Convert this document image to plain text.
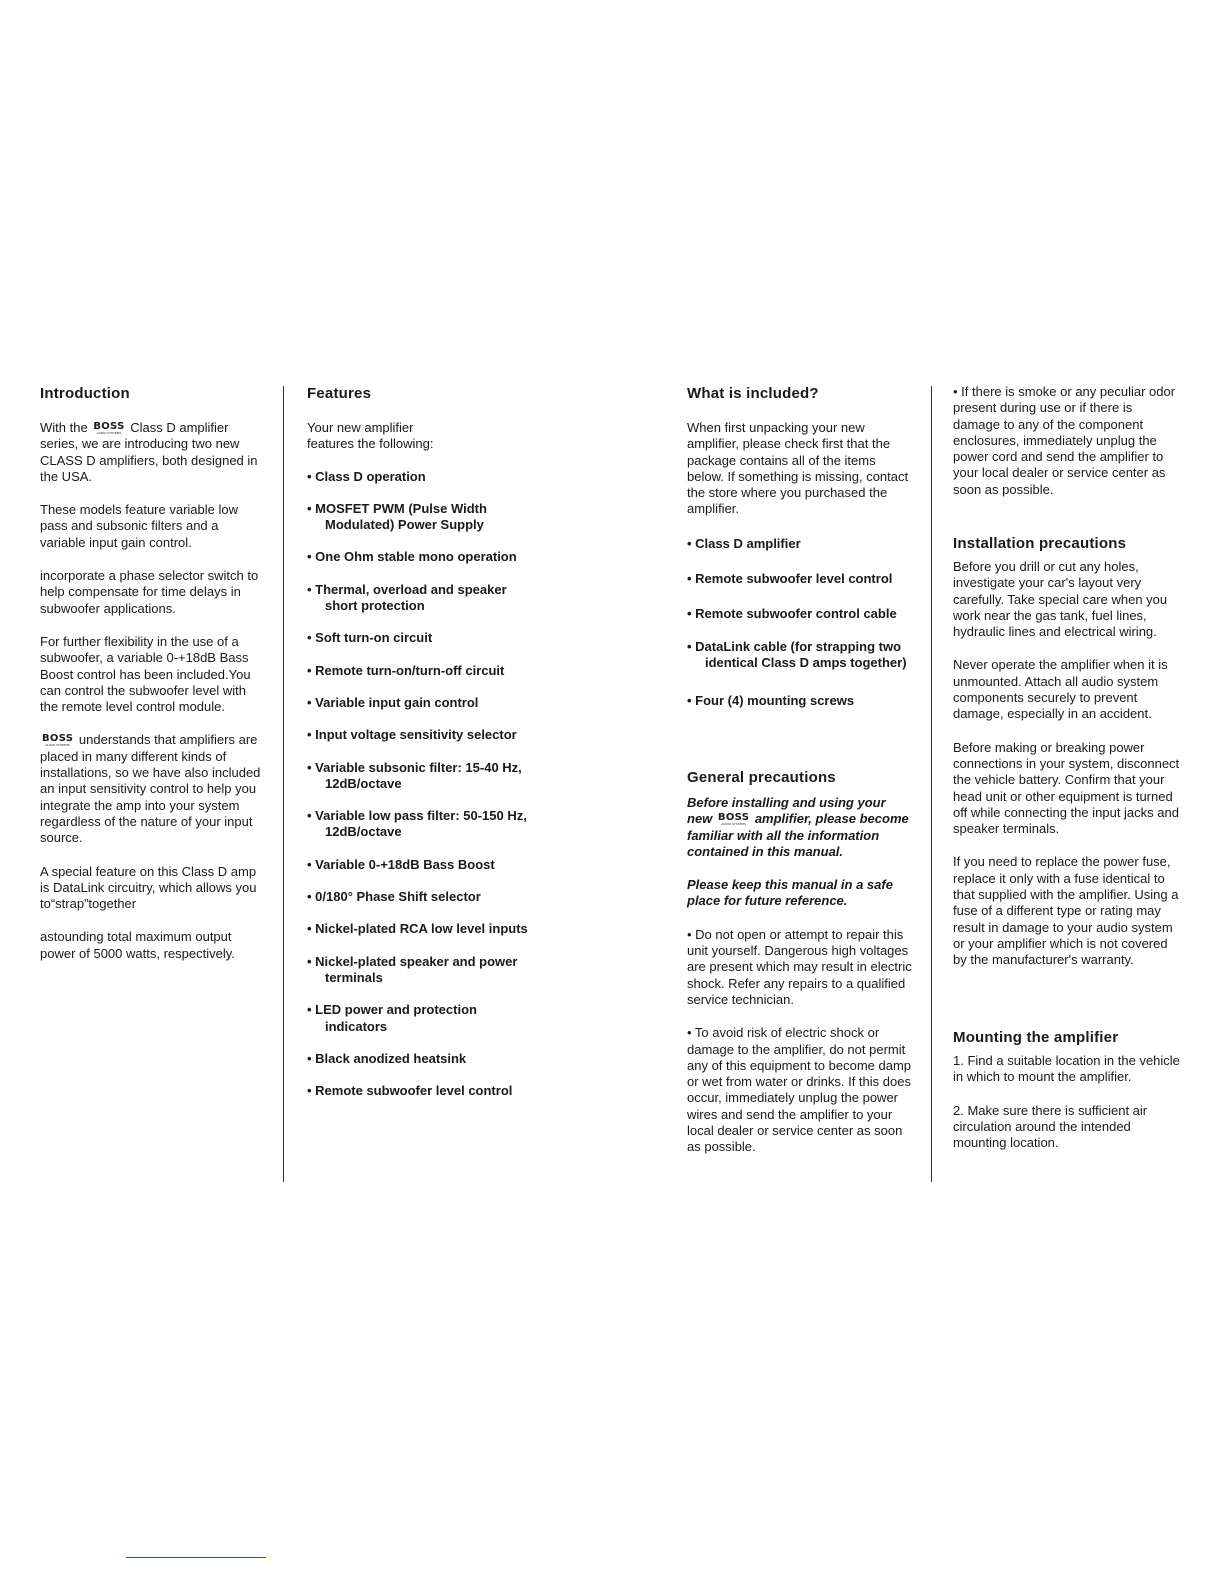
Introduction

With the BOSS
AUDIO SYSTEMS Class D amplifier series, we are introducing two new CLASS D amplifiers, both designed in the USA.

These models feature variable low pass and subsonic filters and a variable input gain control.

incorporate a phase selector switch to help compensate for time delays in subwoofer applications.

For further flexibility in the use of a subwoofer, a variable 0-+18dB Bass Boost control has been included.You can control the subwoofer level with the remote level control module.

BOSS
AUDIO SYSTEMS understands that amplifiers are placed in many different kinds of installations, so we have also included an input sensitivity control to help you integrate the amp into your system regardless of the nature of your input source.

A special feature on this Class D amp is DataLink circuitry, which allows you to“strap”together

astounding total maximum output power of 5000 watts, respectively.

Features

Your new amplifier features the following:

• Class D operation

• MOSFET PWM (Pulse Width
Modulated) Power Supply

• One Ohm stable mono operation

• Thermal, overload and speaker
short protection

• Soft turn-on circuit

• Remote turn-on/turn-off circuit

• Variable input gain control

• Input voltage sensitivity selector

• Variable subsonic filter: 15-40 Hz,
12dB/octave

• Variable low pass filter: 50-150 Hz,
12dB/octave

• Variable 0-+18dB Bass Boost

• 0/180° Phase Shift selector

• Nickel-plated RCA low level inputs

• Nickel-plated speaker and power
terminals

• LED power and protection
indicators

• Black anodized heatsink

• Remote subwoofer level control

What is included?

When first unpacking your new amplifier, please check first that the package contains all of the items below. If something is missing, contact the store where you purchased the amplifier.

• Class D amplifier

• Remote subwoofer level control

• Remote subwoofer control cable

• DataLink cable (for strapping two
identical Class D amps together)

• Four (4) mounting screws

General precautions

Before installing and using your new BOSS
AUDIO SYSTEMS amplifier, please become familiar with all the information contained in this manual.

Please keep this manual in a safe place for future reference.

• Do not open or attempt to repair this unit yourself. Dangerous high voltages are present which may result in electric shock. Refer any repairs to a qualified service technician.

• To avoid risk of electric shock or damage to the amplifier, do not permit any of this equipment to become damp or wet from water or drinks. If this does occur, immediately unplug the power wires and send the amplifier to your local dealer or service center as soon as possible.

• If there is smoke or any peculiar odor present during use or if there is damage to any of the component enclosures, immediately unplug the power cord and send the amplifier to your local dealer or service center as soon as possible.

Installation precautions

Before you drill or cut any holes, investigate your car's layout very carefully. Take special care when you work near the gas tank, fuel lines, hydraulic lines and electrical wiring.

Never operate the amplifier when it is unmounted. Attach all audio system components securely to prevent damage, especially in an accident.

Before making or breaking power connections in your system, disconnect the vehicle battery. Confirm that your head unit or other equipment is turned off while connecting the input jacks and speaker terminals.

If you need to replace the power fuse, replace it only with a fuse identical to that supplied with the amplifier. Using a fuse of a different type or rating may result in damage to your audio system or your amplifier which is not covered by the manufacturer's warranty.

Mounting the amplifier

1. Find a suitable location in the vehicle in which to mount the amplifier.

2. Make sure there is sufficient air circulation around the intended mounting location.
